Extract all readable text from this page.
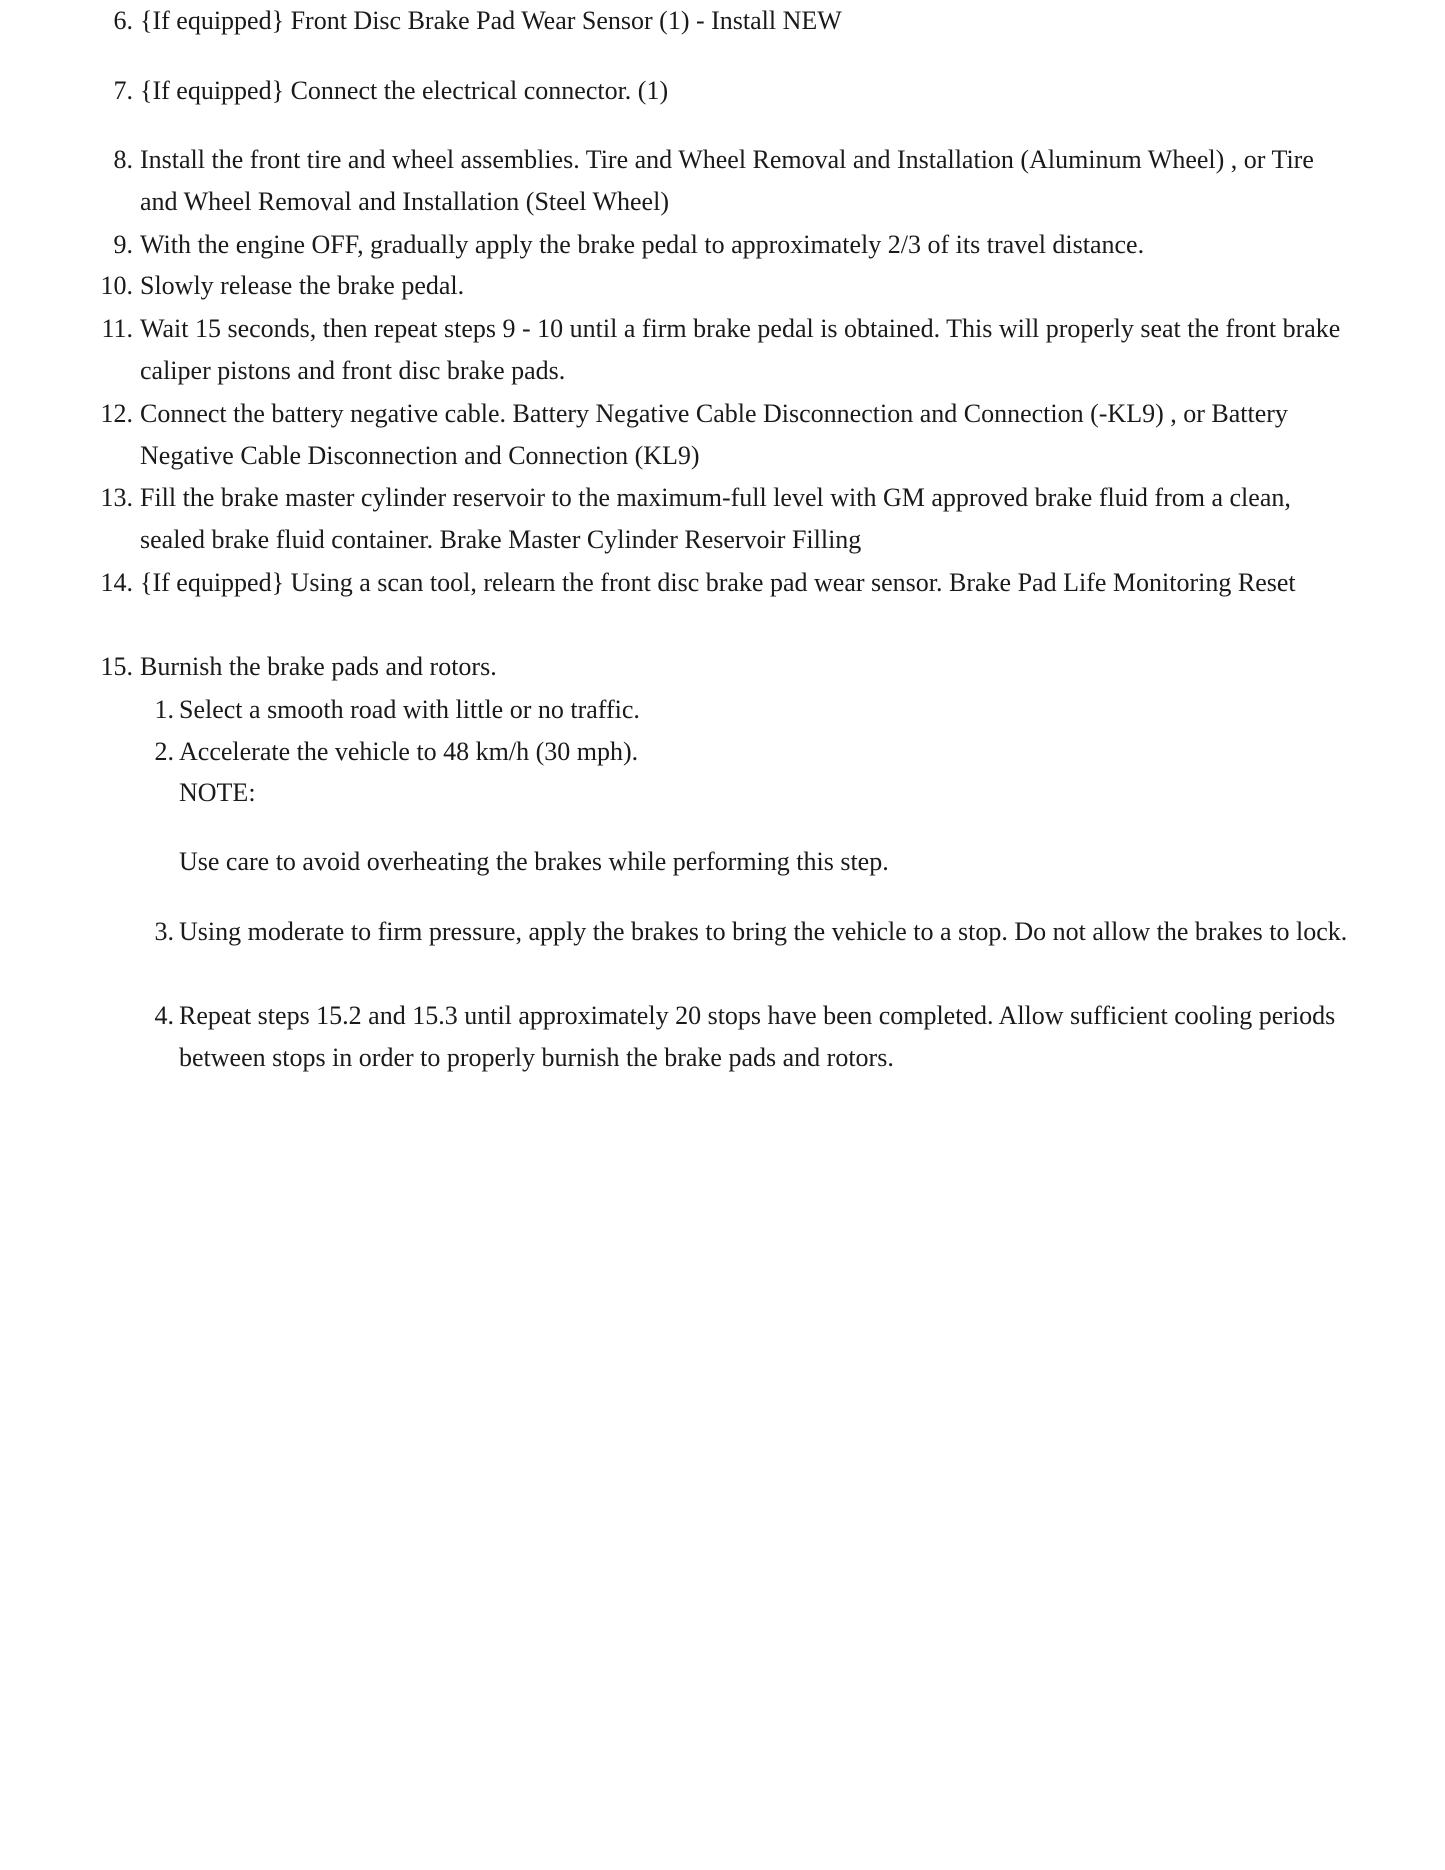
6. {If equipped} Front Disc Brake Pad Wear Sensor (1) - Install NEW
7. {If equipped} Connect the electrical connector. (1)
8. Install the front tire and wheel assemblies. Tire and Wheel Removal and Installation (Aluminum Wheel) , or Tire and Wheel Removal and Installation (Steel Wheel)
9. With the engine OFF, gradually apply the brake pedal to approximately 2/3 of its travel distance.
10. Slowly release the brake pedal.
11. Wait 15 seconds, then repeat steps 9 - 10 until a firm brake pedal is obtained. This will properly seat the front brake caliper pistons and front disc brake pads.
12. Connect the battery negative cable. Battery Negative Cable Disconnection and Connection (-KL9) , or Battery Negative Cable Disconnection and Connection (KL9)
13. Fill the brake master cylinder reservoir to the maximum-full level with GM approved brake fluid from a clean, sealed brake fluid container. Brake Master Cylinder Reservoir Filling
14. {If equipped} Using a scan tool, relearn the front disc brake pad wear sensor. Brake Pad Life Monitoring Reset
15. Burnish the brake pads and rotors.
1. Select a smooth road with little or no traffic.
2. Accelerate the vehicle to 48 km/h (30 mph).
NOTE:
Use care to avoid overheating the brakes while performing this step.
3. Using moderate to firm pressure, apply the brakes to bring the vehicle to a stop. Do not allow the brakes to lock.
4. Repeat steps 15.2 and 15.3 until approximately 20 stops have been completed. Allow sufficient cooling periods between stops in order to properly burnish the brake pads and rotors.
